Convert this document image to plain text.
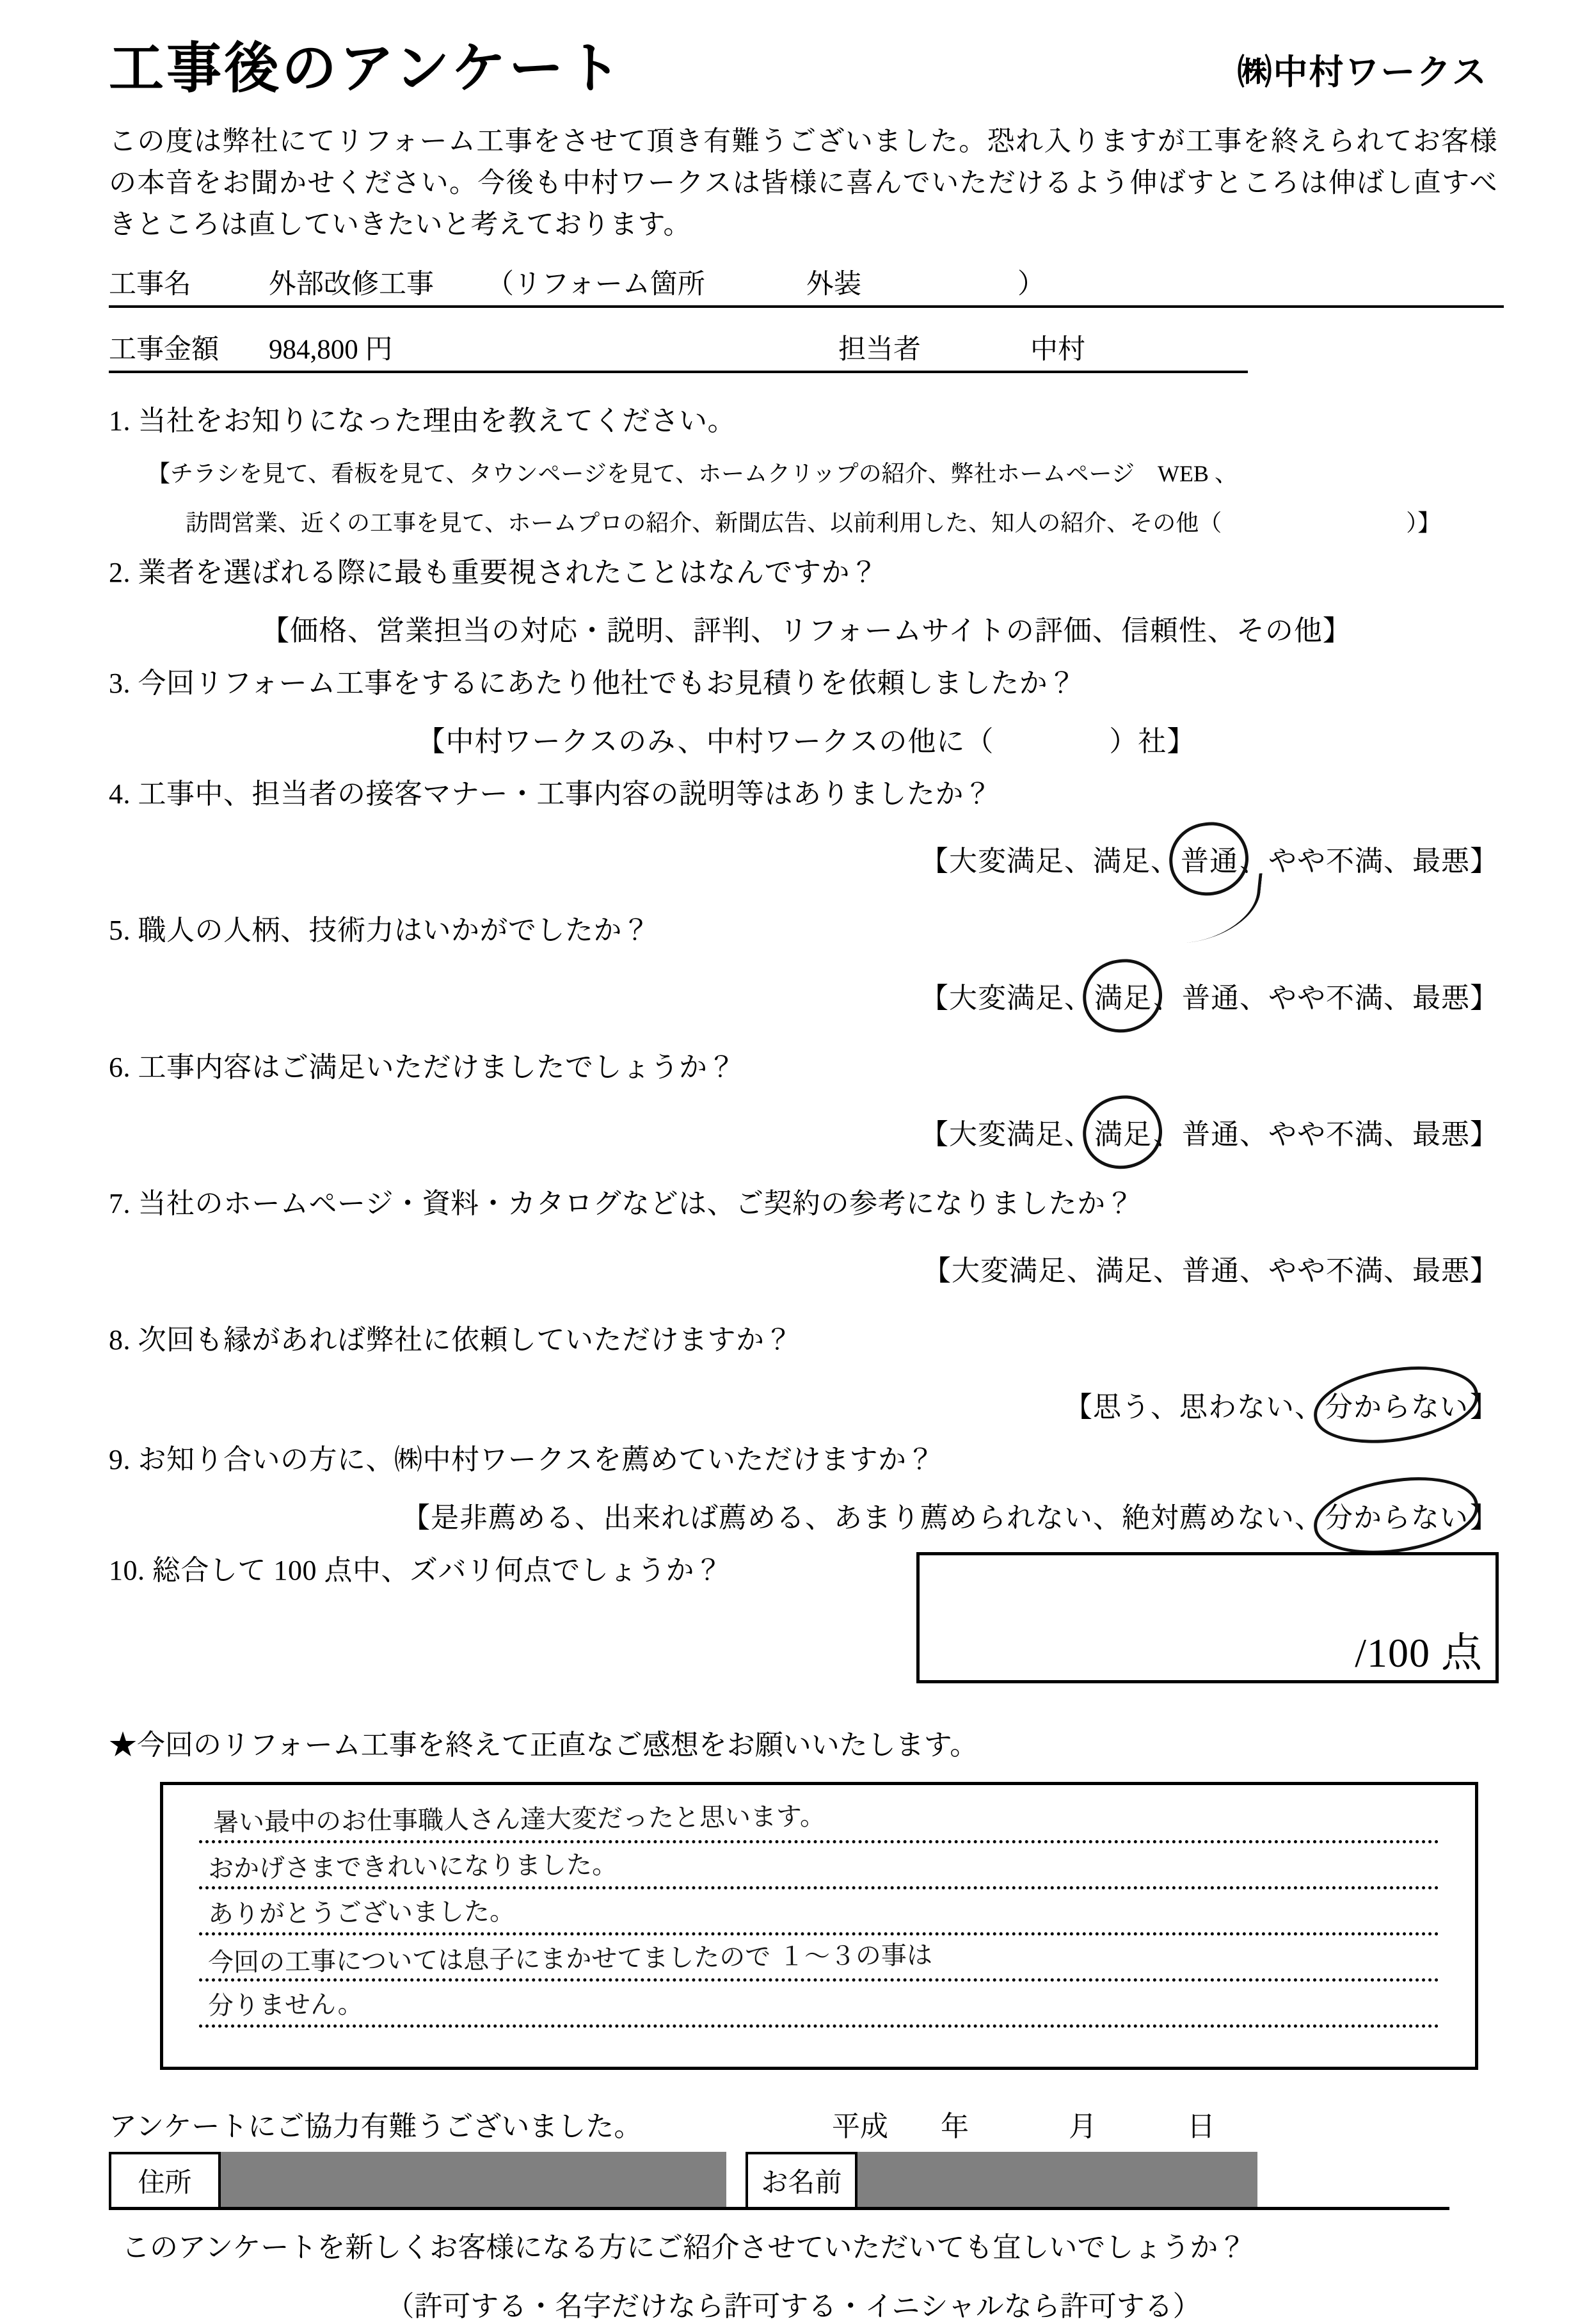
工事後のアンケート	㈱中村ワークス
この度は弊社にてリフォーム工事をさせて頂き有難うございました。恐れ入りますが工事を終えられてお客様の本音をお聞かせください。今後も中村ワークスは皆様に喜んでいただけるよう伸ばすところは伸ばし直すべきところは直していきたいと考えております。
工事名	外部改修工事	（リフォーム箇所	外装	）
工事金額	984,800 円	担当者	中村
1. 当社をお知りになった理由を教えてください。
【チラシを見て、看板を見て、タウンページを見て、ホームクリップの紹介、弊社ホームページ　WEB 、
訪問営業、近くの工事を見て、ホームプロの紹介、新聞広告、以前利用した、知人の紹介、その他（　　　　　　　　）】
2. 業者を選ばれる際に最も重要視されたことはなんですか？
【価格、営業担当の対応・説明、評判、リフォームサイトの評価、信頼性、その他】
3. 今回リフォーム工事をするにあたり他社でもお見積りを依頼しましたか？
【中村ワークスのみ、中村ワークスの他に（　　　　）社】
4. 工事中、担当者の接客マナー・工事内容の説明等はありましたか？
【大変満足、満足、普通、やや不満、最悪】
5. 職人の人柄、技術力はいかがでしたか？
【大変満足、満足、普通、やや不満、最悪】
6. 工事内容はご満足いただけましたでしょうか？
【大変満足、満足、普通、やや不満、最悪】
7. 当社のホームページ・資料・カタログなどは、ご契約の参考になりましたか？
【大変満足、満足、普通、やや不満、最悪】
8. 次回も縁があれば弊社に依頼していただけますか？
【思う、思わない、分からない】
9. お知り合いの方に、㈱中村ワークスを薦めていただけますか？
【是非薦める、出来れば薦める、あまり薦められない、絶対薦めない、分からない】
10. 総合して 100 点中、ズバリ何点でしょうか？
/100 点
★今回のリフォーム工事を終えて正直なご感想をお願いいたします。
暑い最中のお仕事職人さん達大変だったと思います。
おかげさまできれいになりました。
ありがとうございました。
今回の工事については息子にまかせてましたので １〜３の事は
分りません。
アンケートにご協力有難うございました。	平成	年	月	日
住所	お名前
このアンケートを新しくお客様になる方にご紹介させていただいても宜しいでしょうか？
（許可する・名字だけなら許可する・イニシャルなら許可する）
